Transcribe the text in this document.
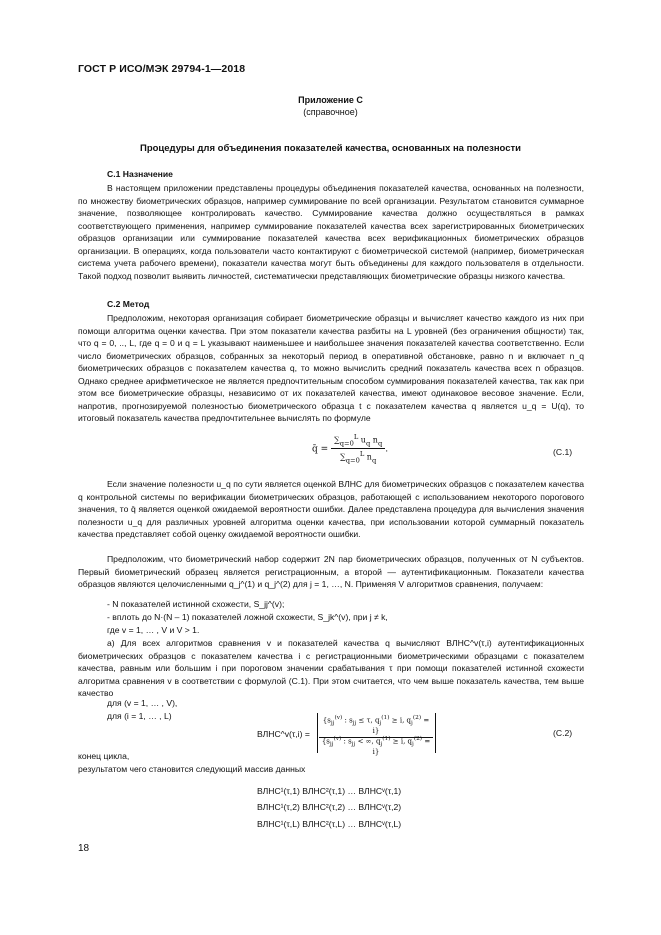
ГОСТ Р ИСО/МЭК 29794-1—2018
Приложение С
(справочное)
Процедуры для объединения показателей качества, основанных на полезности
С.1 Назначение

В настоящем приложении представлены процедуры объединения показателей качества, основанных на полезности, по множеству биометрических образцов, например суммирование по всей организации. Результатом становится суммарное значение, позволяющее контролировать качество. Суммирование качества должно осуществляться в рамках соответствующего применения, например суммирование показателей качества всех зарегистрированных биометрических образцов организации или суммирование показателей качества всех верификационных биометрических образцов организации. В операциях, когда пользователи часто контактируют с биометрической системой (например, биометрическая система учета рабочего времени), показатели качества могут быть объединены для каждого пользователя в отдельности. Такой подход позволит выявить личностей, систематически представляющих биометрические образцы низкого качества.

С.2 Метод

Предположим, некоторая организация собирает биометрические образцы и вычисляет качество каждого из них при помощи алгоритма оценки качества. При этом показатели качества разбиты на L уровней (без ограничения общности) так, что q = 0, .., L, где q = 0 и q = L указывают наименьшее и наибольшее значения показателей качества соответственно. Если число биометрических образцов, собранных за некоторый период в оперативной обстановке, равно n и включает n_q биометрических образцов с показателем качества q, то можно вычислить средний показатель качества всех n образцов. Однако среднее арифметическое не является предпочтительным способом суммирования показателей качества, так как при этом все биометрические образцы, независимо от их показателей качества, имеют одинаковое весовое значение. Если, напротив, прогнозируемой полезностью биометрического образца t с показателем качества q является u_q = U(q), то итоговый показатель качества предпочтительнее вычислять по формуле

q̄ = $\frac{\sum_{q=0}^L u_q n_q}{\sum_{q=0}^L n_q}$ .	(С.1)

Если значение полезности u_q по сути является оценкой ВЛНС для биометрических образцов с показателем качества q контрольной системы по верификации биометрических образцов, работающей с использованием некоторого порогового значения, то q̄ является оценкой ожидаемой вероятности ошибки. Далее представлена процедура для вычисления значения полезности u_q для различных уровней алгоритма оценки качества, при использовании которой суммарный показатель качества представляет собой оценку ожидаемой вероятности ошибки.

Предположим, что биометрический набор содержит 2N пар биометрических образцов, полученных от N субъектов. Первый биометрический образец является регистрационным, а второй — аутентификационным. Показатели качества образцов являются целочисленными q_j^(1) и q_j^(2) для j = 1, …, N. Применяя V алгоритмов сравнения, получаем:

- N показателей истинной схожести, S_jj^(v);
- вплоть до N·(N – 1) показателей ложной схожести, S_jk^(v), при j ≠ k,
где v = 1, … , V и V > 1.

а) Для всех алгоритмов сравнения v и показателей качества q вычисляют ВЛНС^v(τ,i) аутентификационных биометрических образцов с показателем качества i с регистрационными биометрическими образцами с показателем качества, равным или большим i при пороговом значении срабатывания τ при помощи показателей истинной схожести алгоритма сравнения v в соответствии с формулой (С.1). При этом считается, что чем выше показатель качества, тем выше качество

для (v = 1, … , V),
для (i = 1, … , L)
ВЛНС^v(τ,i) =
{$s_{jj}^{(v)}$ : $s_{jj} \le \tau$, $q_j^{(1)} \ge i$, $q_j^{(2)} = i$}
{$s_{jj}^{(v)}$ : $s_{jj}$ < ∞, $q_j^{(1)} \ge i$, $q_j^{(2)} = i$}
(С.2)
конец цикла,
результатом чего становится следующий массив данных
ВЛНС¹(τ,1) ВЛНС²(τ,1) … ВЛНСᵛ(τ,1)
ВЛНС¹(τ,2) ВЛНС²(τ,2) … ВЛНСᵛ(τ,2)
ВЛНС¹(τ,L) ВЛНС²(τ,L) … ВЛНСᵛ(τ,L)
18
